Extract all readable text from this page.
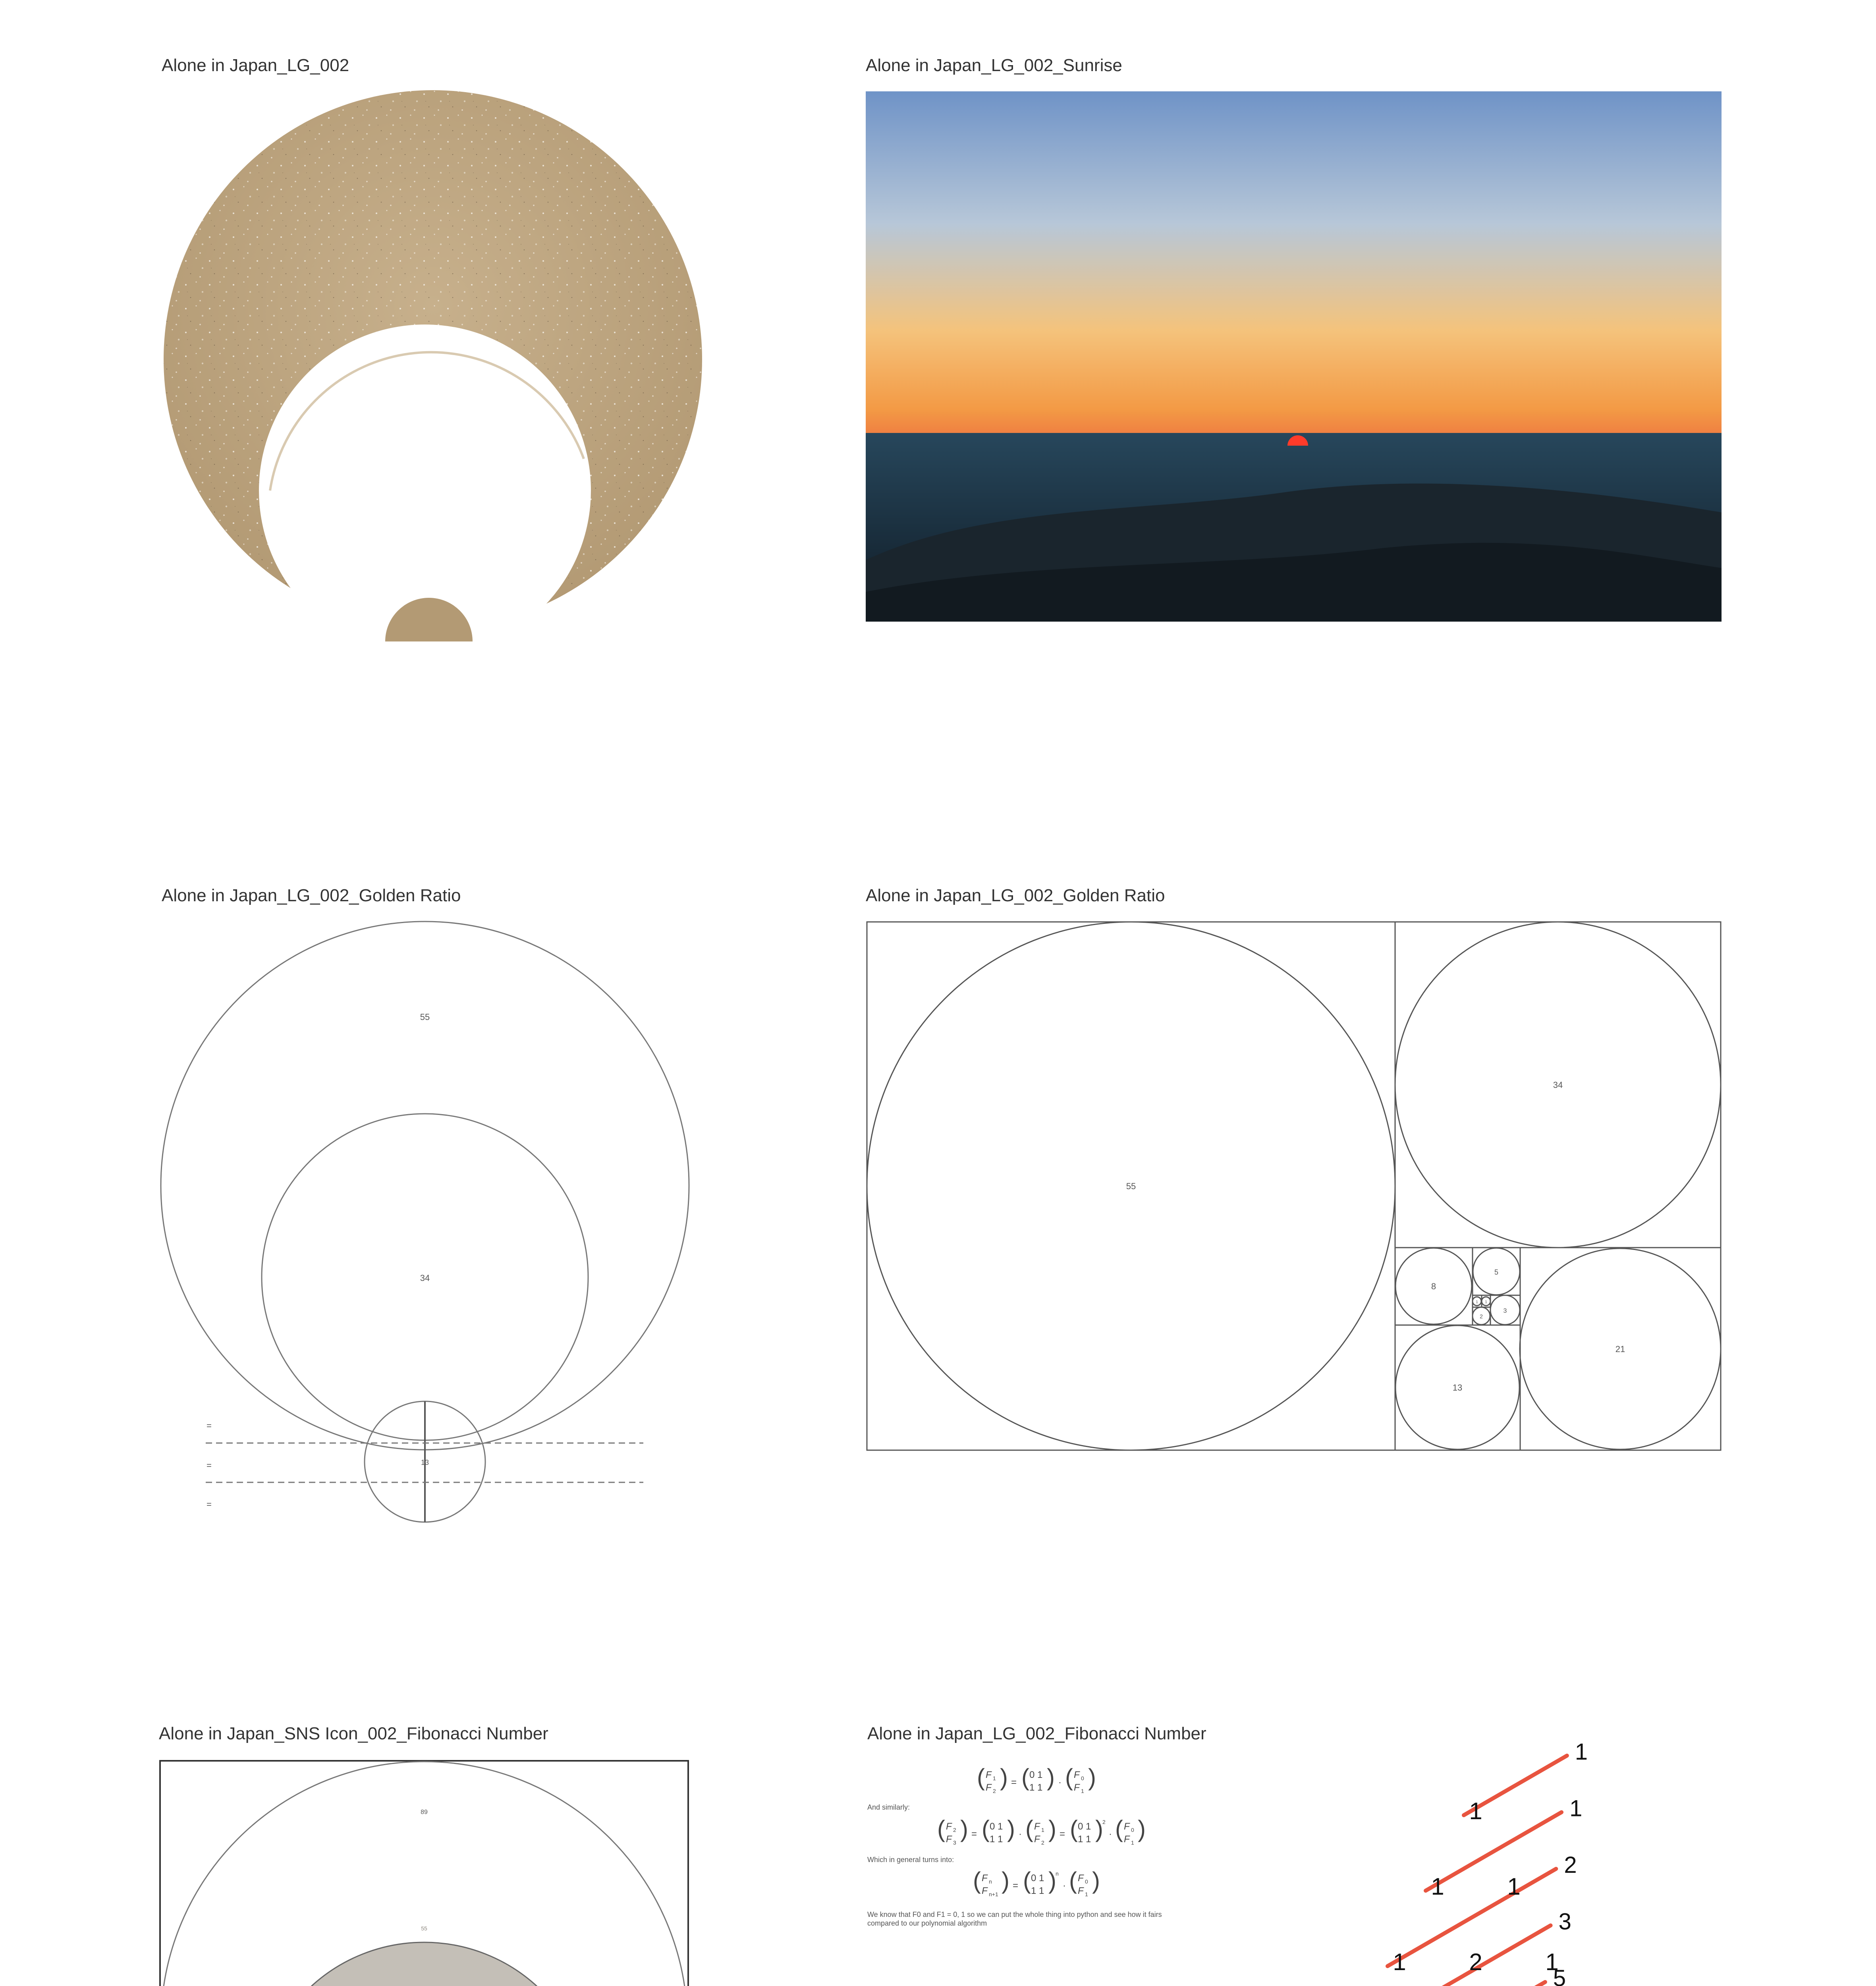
Alone in Japan_LG_002	Alone in Japan_LG_002_Sunrise
Alone in Japan_LG_002_Golden Ratio
55
34
13
=
=
=
Alone in Japan_LG_002_Golden Ratio
55
34
21
13
8
5
3
2
1 1
Alone in Japan_SNS Icon_002_Fibonacci Number
89
55
Alone in Japan_LG_002_Fibonacci Number
( F
F
1
2
) = ( 0 1
1 1 ) · ( F
F
0
1
)
And similarly:
( F
F
2
3
) = ( 0 1
1 1 ) · ( F
F
1
2
) = ( 0 1
1 1 )
2
· ( F
F
0
1
)
Which in general turns into:
( F
F
n
n+1
) = ( 0 1
1 1 )
n
· ( F
F
0
1
)
We know that F0 and F1 = 0, 1 so we can put the whole thing into python and see how it fairs
compared to our polynomial algorithm
1
1	1
1	2	1
1
1
2
3
5
